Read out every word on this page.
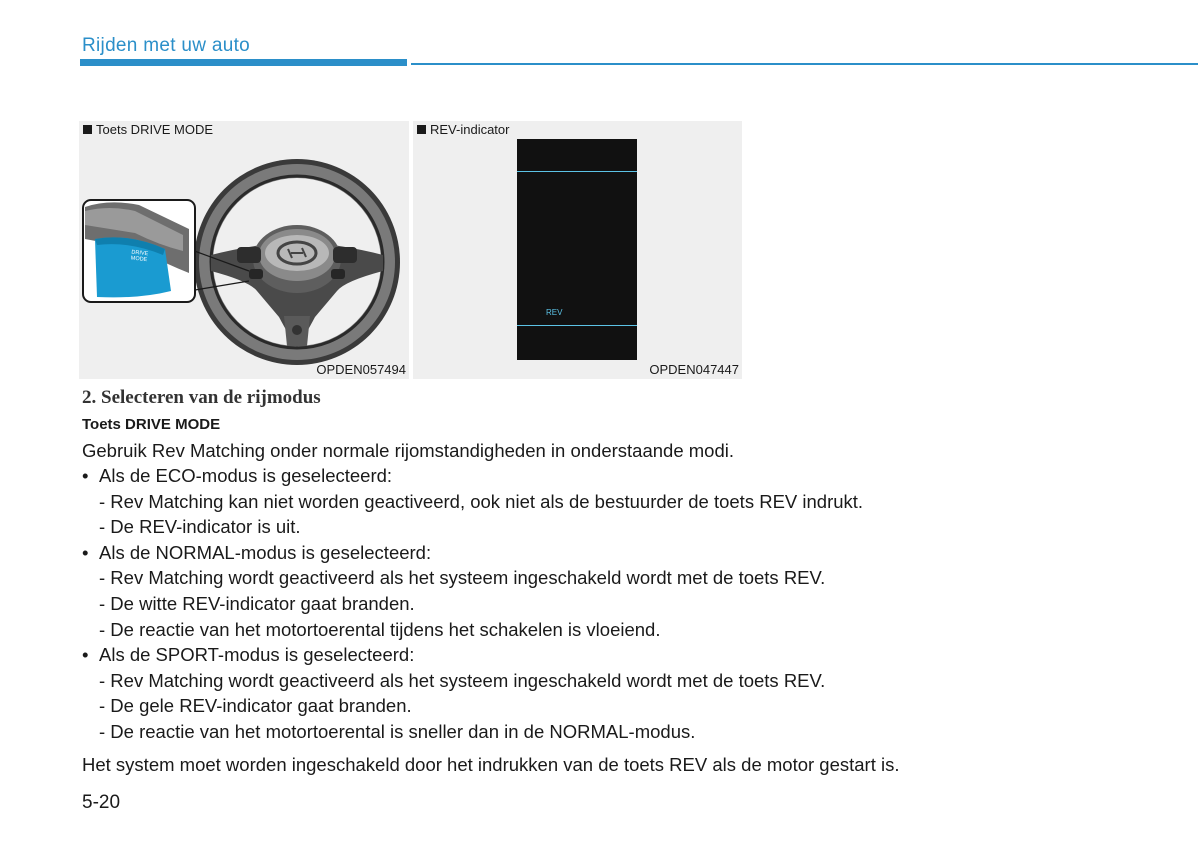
Rijden met uw auto
Toets DRIVE MODE
DRIVE
MODE
OPDEN057494
REV-indicator
REV
OPDEN047447
2. Selecteren van de rijmodus
Toets DRIVE MODE
Gebruik Rev Matching onder normale rijomstandigheden in onderstaande modi.
• Als de ECO-modus is geselecteerd:
- Rev Matching kan niet worden geactiveerd, ook niet als de bestuurder de toets REV indrukt.
- De REV-indicator is uit.
• Als de NORMAL-modus is geselecteerd:
- Rev Matching wordt geactiveerd als het systeem ingeschakeld wordt met de toets REV.
- De witte REV-indicator gaat branden.
- De reactie van het motortoerental tijdens het schakelen is vloeiend.
• Als de SPORT-modus is geselecteerd:
- Rev Matching wordt geactiveerd als het systeem ingeschakeld wordt met de toets REV.
- De gele REV-indicator gaat branden.
- De reactie van het motortoerental is sneller dan in de NORMAL-modus.
Het system moet worden ingeschakeld door het indrukken van de toets REV als de motor gestart is.
5-20
